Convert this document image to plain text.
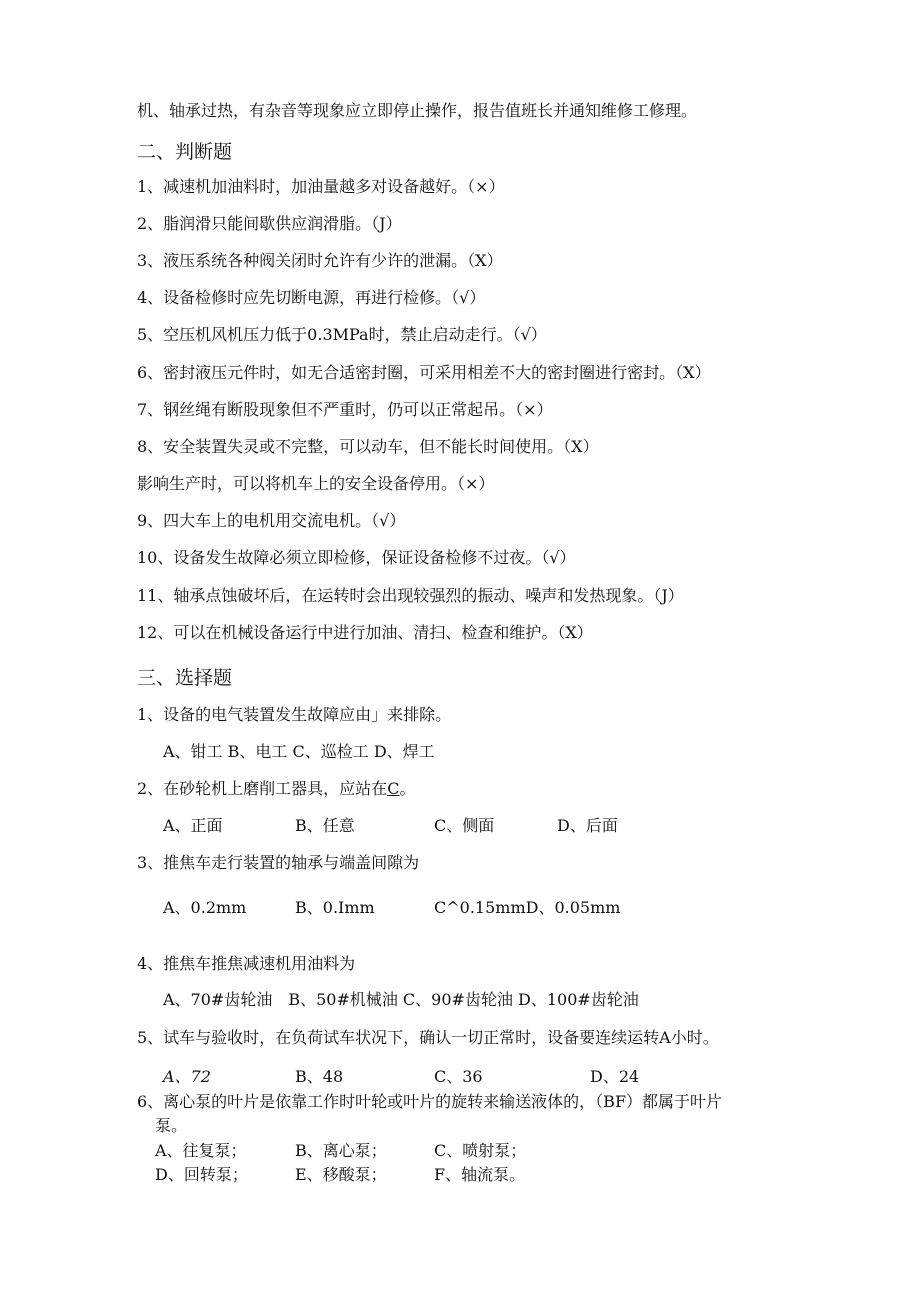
机、轴承过热，有杂音等现象应立即停止操作，报告值班长并通知维修工修理。
二、判断题
1、减速机加油料时，加油量越多对设备越好。（×）
2、脂润滑只能间歇供应润滑脂。（J）
3、液压系统各种阀关闭时允许有少许的泄漏。（X）
4、设备检修时应先切断电源，再进行检修。（√）
5、空压机风机压力低于0.3MPa时，禁止启动走行。（√）
6、密封液压元件时，如无合适密封圈，可采用相差不大的密封圈进行密封。（X）
7、钢丝绳有断股现象但不严重时，仍可以正常起吊。（×）
8、安全装置失灵或不完整，可以动车，但不能长时间使用。（X）
影响生产时，可以将机车上的安全设备停用。（×）
9、四大车上的电机用交流电机。（√）
10、设备发生故障必须立即检修，保证设备检修不过夜。（√）
11、轴承点蚀破坏后，在运转时会出现较强烈的振动、噪声和发热现象。（J）
12、可以在机械设备运行中进行加油、清扫、检查和维护。（X）
三、选择题
1、设备的电气装置发生故障应由」来排除。
A、钳工 B、电工 C、巡检工 D、焊工
2、在砂轮机上磨削工器具，应站在C。
A、正面	B、任意	C、侧面	D、后面
3、推焦车走行装置的轴承与端盖间隙为
A、0.2mm	B、0.Imm	C^0.15mmD、0.05mm
4、推焦车推焦减速机用油料为
A、70#齿轮油　B、50#机械油 C、90#齿轮油 D、100#齿轮油
5、试车与验收时，在负荷试车状况下，确认一切正常时，设备要连续运转A小时。
A、72	B、48	C、36	D、24
6、离心泵的叶片是依靠工作时叶轮或叶片的旋转来输送液体的，（BF）都属于叶片
泵。
A、往复泵；	B、离心泵；	C、喷射泵；
D、回转泵；	E、移酸泵；	F、轴流泵。
